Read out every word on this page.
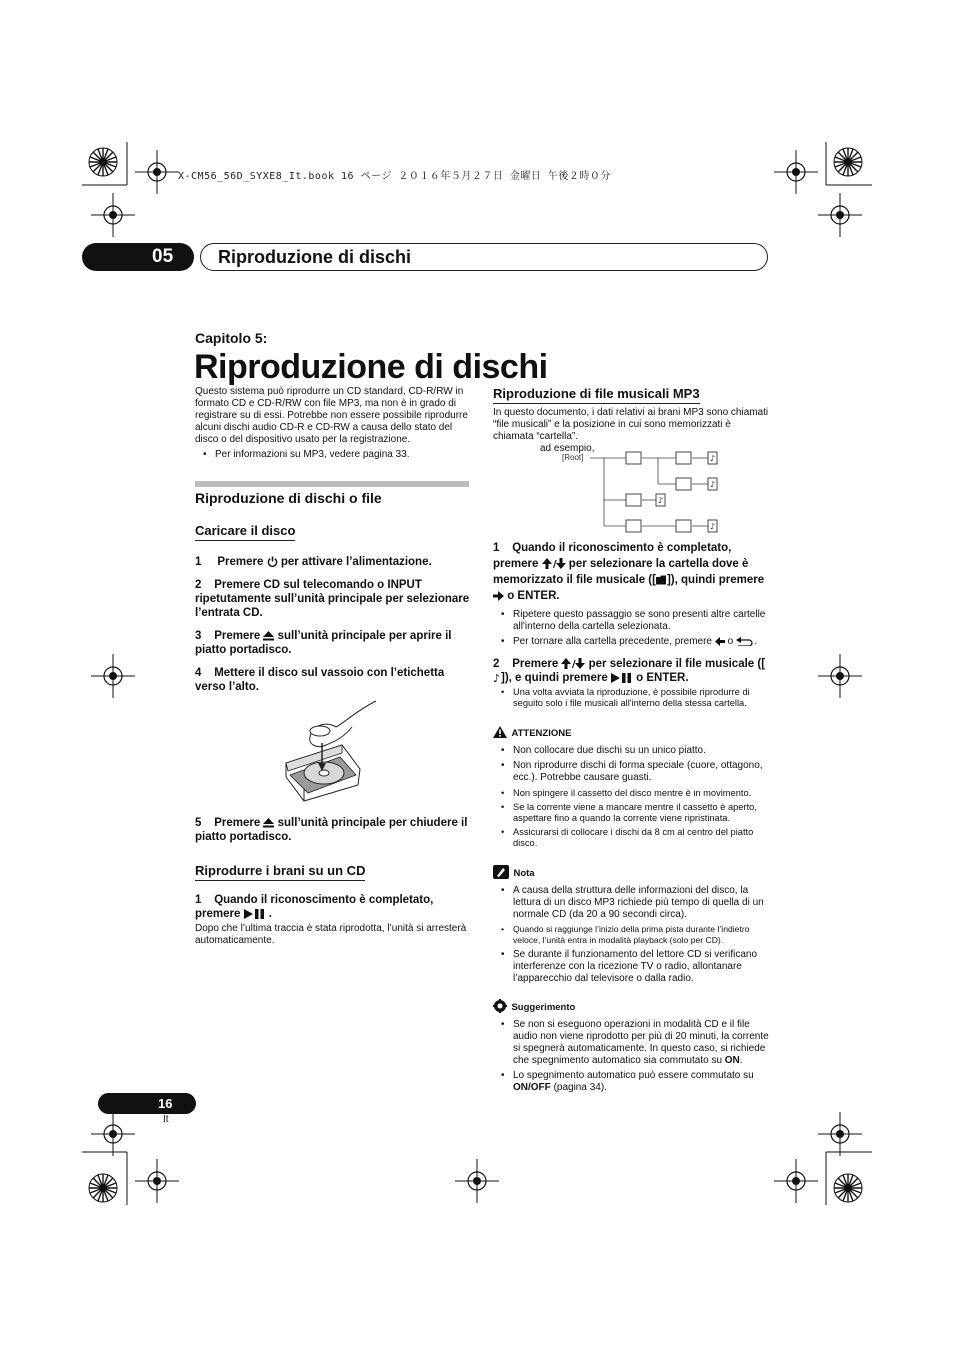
X-CM56_56D_SYXE8_It.book 16 ページ ２０１６年５月２７日 金曜日 午後２時０分
05	Riproduzione di dischi
Capitolo 5:
Riproduzione di dischi
Questo sistema può riprodurre un CD standard, CD-R/RW in formato CD e CD-R/RW con file MP3, ma non è in grado di registrare su di essi. Potrebbe non essere possibile riprodurre alcuni dischi audio CD-R e CD-RW a causa dello stato del disco o del dispositivo usato per la registrazione.
• Per informazioni su MP3, vedere pagina 33.
Riproduzione di dischi o file
Caricare il disco
1 Premere per attivare l’alimentazione.
2 Premere CD sul telecomando o INPUT ripetutamente sull’unità principale per selezionare l’entrata CD.
3 Premere sull’unità principale per aprire il piatto portadisco.
4 Mettere il disco sul vassoio con l’etichetta verso l’alto.
5 Premere sull’unità principale per chiudere il piatto portadisco.
Riprodurre i brani su un CD
1 Quando il riconoscimento è completato, premere .
Dopo che l’ultima traccia è stata riprodotta, l’unità si arresterà automaticamente.
Riproduzione di file musicali MP3
In questo documento, i dati relativi ai brani MP3 sono chiamati “file musicali” e la posizione in cui sono memorizzati è chiamata “cartella”.
ad esempio,
[Root]	♪
♪
♪
♪
1 Quando il riconoscimento è completato, premere / per selezionare la cartella dove è memorizzato il file musicale ([ ]), quindi premere  o ENTER.
• Ripetere questo passaggio se sono presenti altre cartelle all'interno della cartella selezionata.
• Per tornare alla cartella precedente, premere o .
2 Premere / per selezionare il file musicale ([
♪ ]), e quindi premere o ENTER.
• Una volta avviata la riproduzione, è possibile riprodurre di seguito solo i file musicali all'interno della stessa cartella.
ATTENZIONE
• Non collocare due dischi su un unico piatto.
• Non riprodurre dischi di forma speciale (cuore, ottagono, ecc.). Potrebbe causare guasti.
• Non spingere il cassetto del disco mentre è in movimento.
• Se la corrente viene a mancare mentre il cassetto è aperto, aspettare fino a quando la corrente viene ripristinata.
• Assicurarsi di collocare i dischi da 8 cm al centro del piatto disco.
Nota
• A causa della struttura delle informazioni del disco, la lettura di un disco MP3 richiede più tempo di quella di un normale CD (da 20 a 90 secondi circa).
• Quando si raggiunge l’inizio della prima pista durante l’indietro veloce, l’unità entra in modalità playback (solo per CD).
• Se durante il funzionamento del lettore CD si verificano interferenze con la ricezione TV o radio, allontanare l’apparecchio dal televisore o dalla radio.
Suggerimento
• Se non si eseguono operazioni in modalità CD e il file audio non viene riprodotto per più di 20 minuti, la corrente si spegnerà automaticamente. In questo caso, si richiede che spegnimento automatico sia commutato su ON.
• Lo spegnimento automatico può essere commutato su ON/OFF (pagina 34).
16
It
